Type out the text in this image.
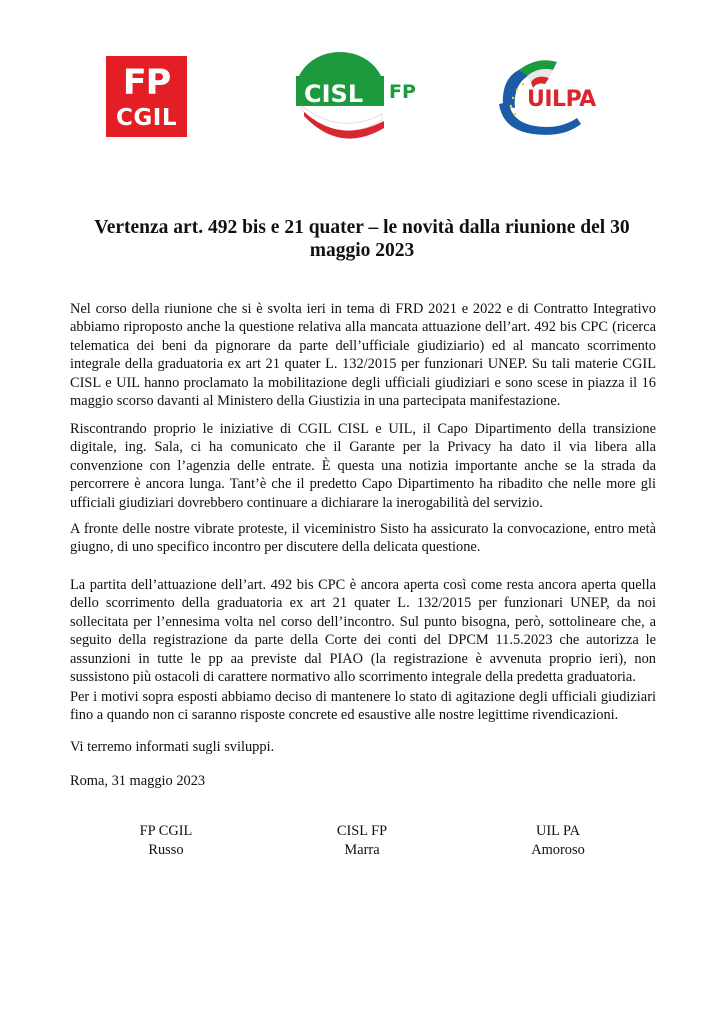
FP
CGIL
CISL FP	UILPA
Vertenza art. 492 bis e 21 quater – le novità dalla riunione del 30 maggio 2023

Nel corso della riunione che si è svolta ieri in tema di FRD 2021 e 2022 e di Contratto Integrativo abbiamo riproposto anche la questione relativa alla mancata attuazione dell’art. 492 bis CPC (ricerca telematica dei beni da pignorare da parte dell’ufficiale giudiziario) ed al mancato scorrimento integrale della graduatoria ex art 21 quater L. 132/2015 per funzionari UNEP. Su tali materie CGIL CISL e UIL hanno proclamato la mobilitazione degli ufficiali giudiziari e sono scese in piazza il 16 maggio scorso davanti al Ministero della Giustizia in una partecipata manifestazione.

Riscontrando proprio le iniziative di CGIL CISL e UIL, il Capo Dipartimento della transizione digitale, ing. Sala, ci ha comunicato che il Garante per la Privacy ha dato il via libera alla convenzione con l’agenzia delle entrate. È questa una notizia importante anche se la strada da percorrere è ancora lunga. Tant’è che il predetto Capo Dipartimento ha ribadito che nelle more gli ufficiali giudiziari dovrebbero continuare a dichiarare la inerogabilità del servizio.

A fronte delle nostre vibrate proteste, il viceministro Sisto ha assicurato la convocazione, entro metà giugno, di uno specifico incontro per discutere della delicata questione.

La partita dell’attuazione dell’art. 492 bis CPC è ancora aperta così come resta ancora aperta quella dello scorrimento della graduatoria ex art 21 quater L. 132/2015 per funzionari UNEP, da noi sollecitata per l’ennesima volta nel corso dell’incontro. Sul punto bisogna, però, sottolineare che, a seguito della registrazione da parte della Corte dei conti del DPCM 11.5.2023 che autorizza le assunzioni in tutte le pp aa previste dal PIAO (la registrazione è avvenuta proprio ieri), non sussistono più ostacoli di carattere normativo allo scorrimento integrale della predetta graduatoria.

Per i motivi sopra esposti abbiamo deciso di mantenere lo stato di agitazione degli ufficiali giudiziari fino a quando non ci saranno risposte concrete ed esaustive alle nostre legittime rivendicazioni.

Vi terremo informati sugli sviluppi.

Roma, 31 maggio 2023

FP CGIL
Russo
CISL FP
Marra
UIL PA
Amoroso
